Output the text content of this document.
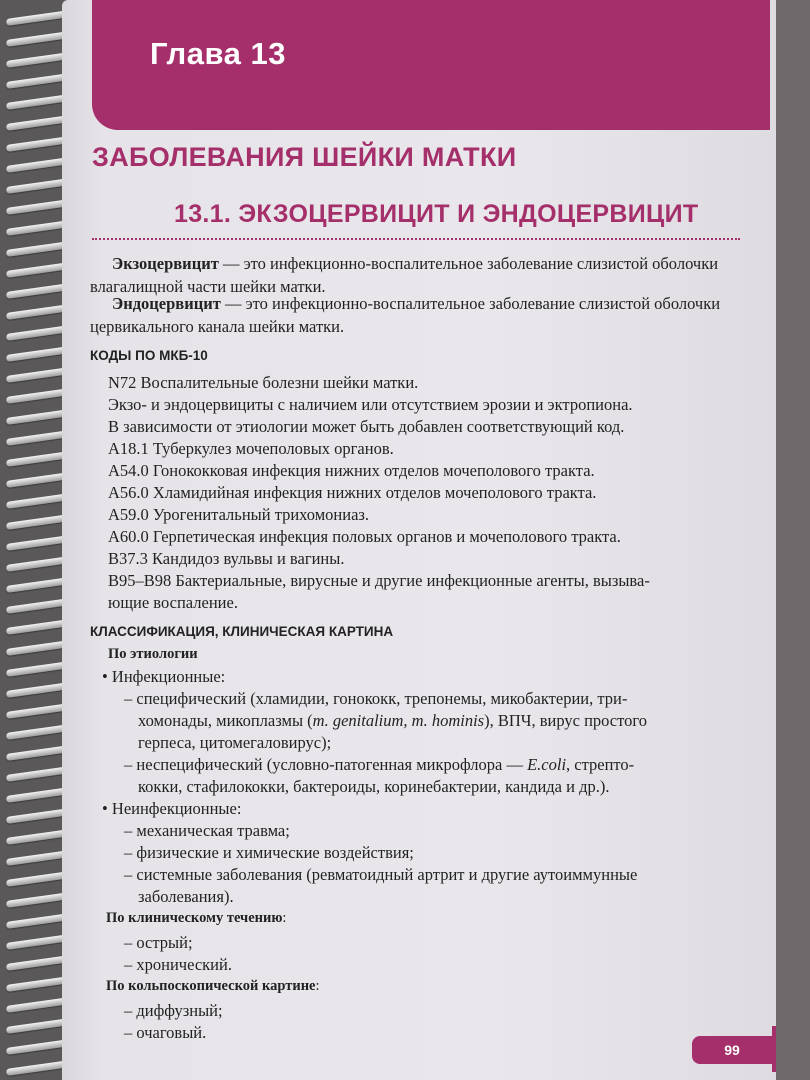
Глава 13
ЗАБОЛЕВАНИЯ ШЕЙКИ МАТКИ
13.1. ЭКЗОЦЕРВИЦИТ И ЭНДОЦЕРВИЦИТ
Экзоцервицит — это инфекционно-воспалительное заболевание слизистой оболочки влагалищной части шейки матки.
Эндоцервицит — это инфекционно-воспалительное заболевание слизистой оболочки цервикального канала шейки матки.
КОДЫ ПО МКБ-10
N72 Воспалительные болезни шейки матки.
Экзо- и эндоцервициты с наличием или отсутствием эрозии и эктропиона.
В зависимости от этиологии может быть добавлен соответствующий код.
A18.1 Туберкулез мочеполовых органов.
A54.0 Гонококковая инфекция нижних отделов мочеполового тракта.
A56.0 Хламидийная инфекция нижних отделов мочеполового тракта.
A59.0 Урогенитальный трихомониаз.
A60.0 Герпетическая инфекция половых органов и мочеполового тракта.
B37.3 Кандидоз вульвы и вагины.
B95–B98 Бактериальные, вирусные и другие инфекционные агенты, вызыва-
ющие воспаление.
КЛАССИФИКАЦИЯ, КЛИНИЧЕСКАЯ КАРТИНА
По этиологии
• Инфекционные:
– специфический (хламидии, гонококк, трепонемы, микобактерии, три-
хомонады, микоплазмы (m. genitalium, m. hominis), ВПЧ, вирус простого
герпеса, цитомегаловирус);
– неспецифический (условно-патогенная микрофлора — E.coli, стрепто-
кокки, стафилококки, бактероиды, коринебактерии, кандида и др.).
• Неинфекционные:
– механическая травма;
– физические и химические воздействия;
– системные заболевания (ревматоидный артрит и другие аутоиммунные
заболевания).
По клиническому течению:
– острый;
– хронический.
По кольпоскопической картине:
– диффузный;
– очаговый.
99
